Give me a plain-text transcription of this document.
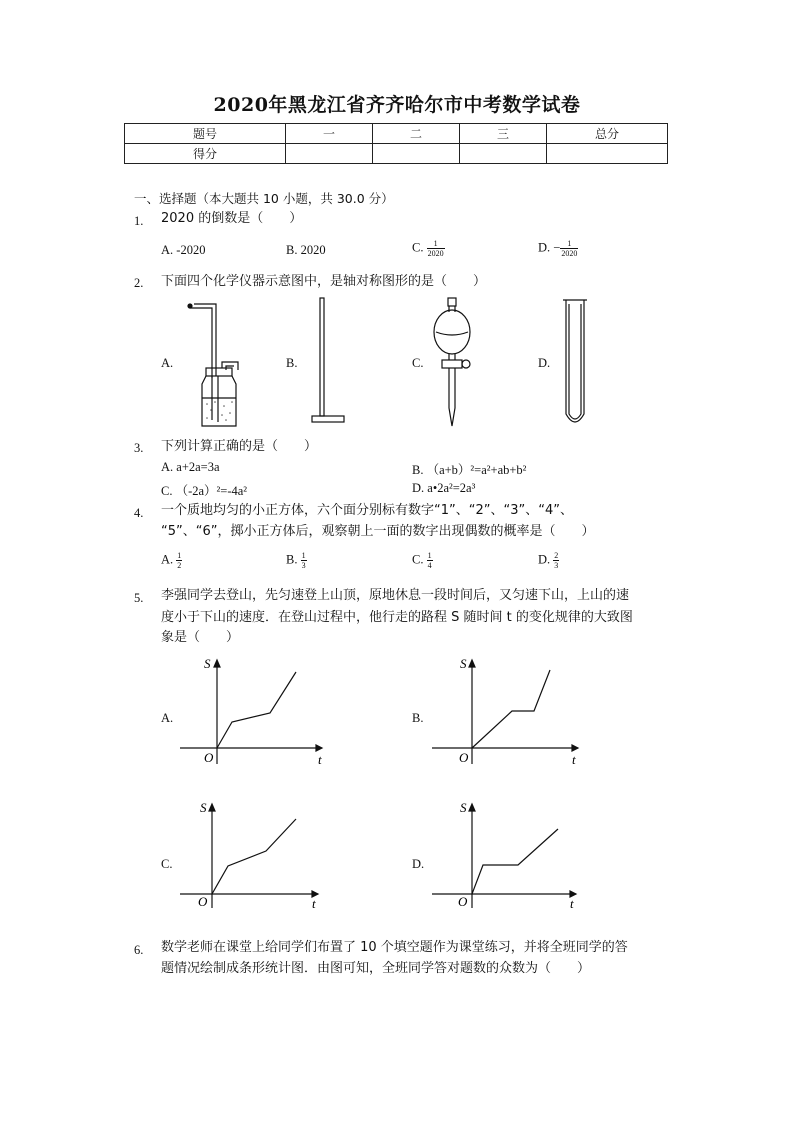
2020年黑龙江省齐齐哈尔市中考数学试卷
题号	一	二	三	总分
得分				
一、选择题（本大题共 10 小题，共 30.0 分）
1. 2020 的倒数是（　　）
A. -2020	B. 2020	C. $\frac{1}{2020}$	D. − $\frac{1}{2020}$
2. 下面四个化学仪器示意图中，是轴对称图形的是（　　）
A.	B.	C.	D.
3. 下列计算正确的是（　　）
A. a+2a=3a	B. （a+b）²=a²+ab+b²
C. （-2a）²=-4a²	D. a•2a²=2a³
4. 一个质地均匀的小正方体，六个面分别标有数字“1”、“2”、“3”、“4”、
“5”、“6”，掷小正方体后，观察朝上一面的数字出现偶数的概率是（　　）
A. $\frac{1}{2}$	B. $\frac{1}{3}$	C. $\frac{1}{4}$	D. $\frac{2}{3}$
5. 李强同学去登山，先匀速登上山顶，原地休息一段时间后，又匀速下山，上山的速
度小于下山的速度．在登山过程中，他行走的路程 S 随时间 t 的变化规律的大致图
象是（　　）
A.	B.
C.	D.
S
t
O
S
t
O
S
t
O
S
t
O
6. 数学老师在课堂上给同学们布置了 10 个填空题作为课堂练习，并将全班同学的答
题情况绘制成条形统计图．由图可知，全班同学答对题数的众数为（　　）
